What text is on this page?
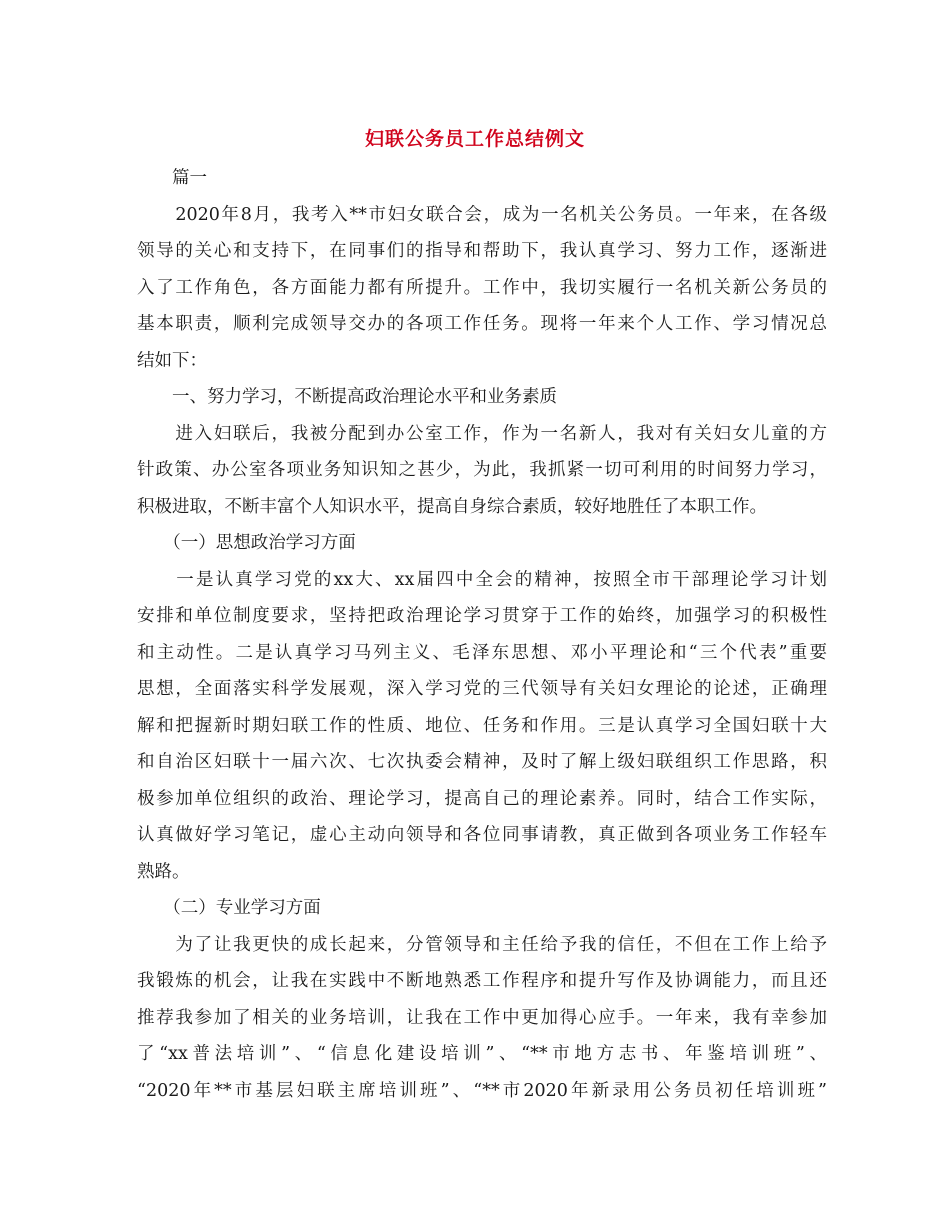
妇联公务员工作总结例文
　　篇一
　　2020年8月，我考入**市妇女联合会，成为一名机关公务员。一年来，在各级
领导的关心和支持下，在同事们的指导和帮助下，我认真学习、努力工作，逐渐进
入了工作角色，各方面能力都有所提升。工作中，我切实履行一名机关新公务员的
基本职责，顺利完成领导交办的各项工作任务。现将一年来个人工作、学习情况总
结如下：
　　一、努力学习，不断提高政治理论水平和业务素质
　　进入妇联后，我被分配到办公室工作，作为一名新人，我对有关妇女儿童的方
针政策、办公室各项业务知识知之甚少，为此，我抓紧一切可利用的时间努力学习，
积极进取，不断丰富个人知识水平，提高自身综合素质，较好地胜任了本职工作。
　　（一）思想政治学习方面
　　一是认真学习党的xx大、xx届四中全会的精神，按照全市干部理论学习计划
安排和单位制度要求，坚持把政治理论学习贯穿于工作的始终，加强学习的积极性
和主动性。二是认真学习马列主义、毛泽东思想、邓小平理论和“三个代表”重要
思想，全面落实科学发展观，深入学习党的三代领导有关妇女理论的论述，正确理
解和把握新时期妇联工作的性质、地位、任务和作用。三是认真学习全国妇联十大
和自治区妇联十一届六次、七次执委会精神，及时了解上级妇联组织工作思路，积
极参加单位组织的政治、理论学习，提高自己的理论素养。同时，结合工作实际，
认真做好学习笔记，虚心主动向领导和各位同事请教，真正做到各项业务工作轻车
熟路。
　　（二）专业学习方面
　　为了让我更快的成长起来，分管领导和主任给予我的信任，不但在工作上给予
我锻炼的机会，让我在实践中不断地熟悉工作程序和提升写作及协调能力，而且还
推荐我参加了相关的业务培训，让我在工作中更加得心应手。一年来，我有幸参加
了“xx普法培训”、“信息化建设培训”、“**市地方志书、年鉴培训班”、
“2020年**市基层妇联主席培训班”、“**市2020年新录用公务员初任培训班”
